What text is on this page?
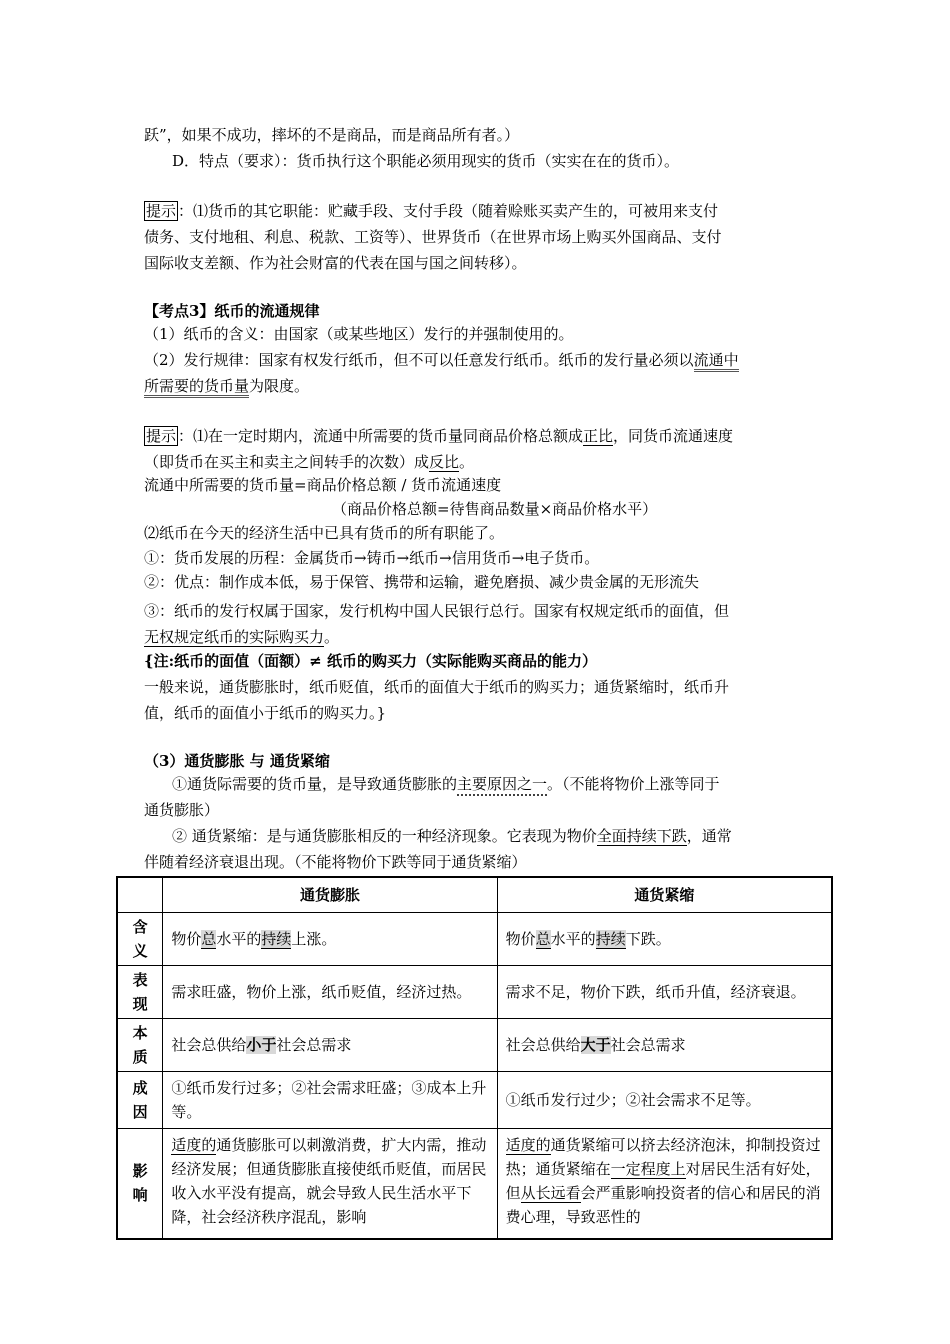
跃”，如果不成功，摔坏的不是商品，而是商品所有者。）
D．特点（要求）：货币执行这个职能必须用现实的货币（实实在在的货币）。
提示 ：⑴货币的其它职能：贮藏手段、支付手段（随着赊账买卖产生的，可被用来支付
债务、支付地租、利息、税款、工资等）、世界货币（在世界市场上购买外国商品、支付
国际收支差额、作为社会财富的代表在国与国之间转移）。
【考点3】纸币的流通规律
（1）纸币的含义：由国家（或某些地区）发行的并强制使用的。
（2）发行规律：国家有权发行纸币，但不可以任意发行纸币。纸币的发行量必须以流通中
所需要的货币量为限度。
提示 ：⑴在一定时期内，流通中所需要的货币量同商品价格总额成正比，同货币流通速度
（即货币在买主和卖主之间转手的次数）成反比。
流通中所需要的货币量=商品价格总额 / 货币流通速度
（商品价格总额=待售商品数量×商品价格水平）
⑵纸币在今天的经济生活中已具有货币的所有职能了。
①：货币发展的历程：金属货币→铸币→纸币→信用货币→电子货币。
②：优点：制作成本低，易于保管、携带和运输，避免磨损、减少贵金属的无形流失
③：纸币的发行权属于国家，发行机构中国人民银行总行。国家有权规定纸币的面值，但
无权规定纸币的实际购买力。
{注:纸币的面值（面额）≠ 纸币的购买力（实际能购买商品的能力）
一般来说，通货膨胀时，纸币贬值，纸币的面值大于纸币的购买力；通货紧缩时，纸币升
值，纸币的面值小于纸币的购买力。}
（3）通货膨胀 与 通货紧缩
①通货际需要的货币量，是导致通货膨胀的主要原因之一。（不能将物价上涨等同于
通货膨胀）
② 通货紧缩：是与通货膨胀相反的一种经济现象。它表现为物价全面持续下跌，通常
伴随着经济衰退出现。（不能将物价下跌等同于通货紧缩）
	通货膨胀	通货紧缩
含义	物价总水平的持续上涨。	物价总水平的持续下跌。
表现	需求旺盛，物价上涨，纸币贬值，经济过热。	需求不足，物价下跌，纸币升值，经济衰退。
本质	社会总供给小于社会总需求	社会总供给大于社会总需求
成因	①纸币发行过多；②社会需求旺盛；③成本上升等。	①纸币发行过少；②社会需求不足等。
影响	适度的通货膨胀可以刺激消费，扩大内需，推动经济发展；但通货膨胀直接使纸币贬值，而居民收入水平没有提高，就会导致人民生活水平下降，社会经济秩序混乱，影响	适度的通货紧缩可以挤去经济泡沫，抑制投资过热；通货紧缩在一定程度上对居民生活有好处，但从长远看会严重影响投资者的信心和居民的消费心理，导致恶性的
